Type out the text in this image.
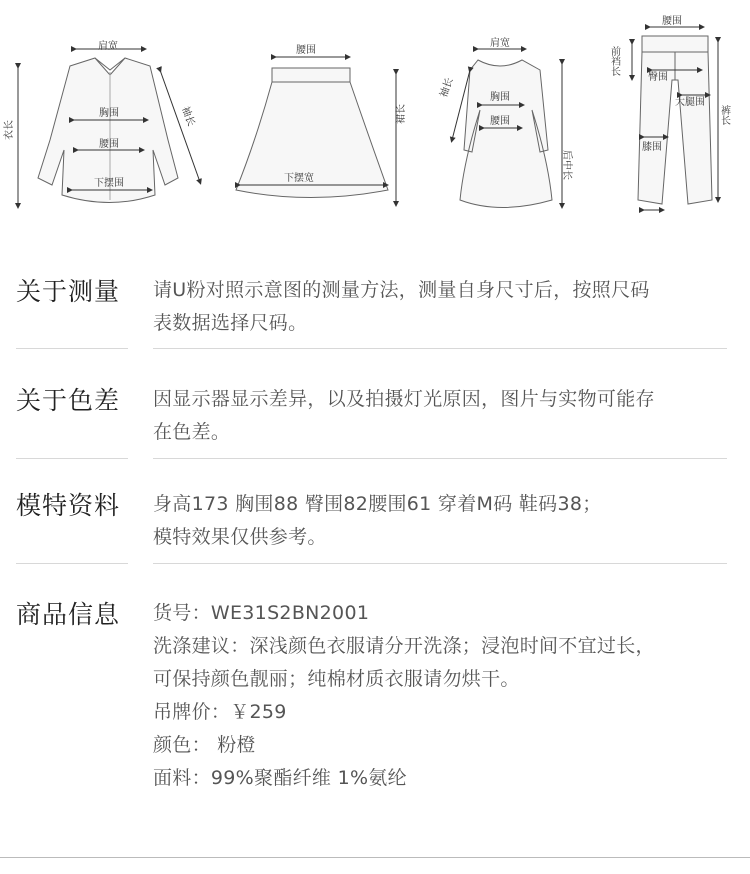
肩宽
衣长
胸围
腰围
下摆围
袖长
腰围
下摆宽
裙长
肩宽
袖长	胸围
腰围
后中长
腰围
前裆长
臀围
大腿围
膝围
裤长
关于测量 请U粉对照示意图的测量方法，测量自身尺寸后，按照尺码

表数据选择尺码。

关于色差 因显示器显示差异，以及拍摄灯光原因，图片与实物可能存

在色差。

模特资料 身高173 胸围88 臀围82腰围61 穿着M码 鞋码38；

模特效果仅供参考。

商品信息 货号：WE31S2BN2001

洗涤建议：深浅颜色衣服请分开洗涤；浸泡时间不宜过长，

可保持颜色靓丽；纯棉材质衣服请勿烘干。

吊牌价：￥259

颜色： 粉橙

面料：99%聚酯纤维 1%氨纶
